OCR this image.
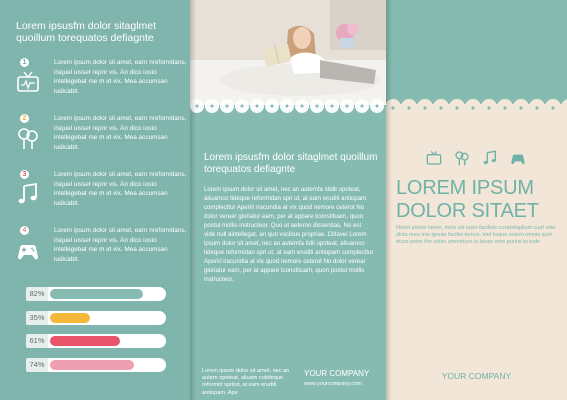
Lorem ipsusfm dolor sitaglmet quoillum torequatos defiagnte
1	Lorem ipsum dolor sit amet, earn nrefornidans, iisquel uisset repnr vis. An dico iusto intellegebat me m id vix. Mea accumsan iudicabit.
2	Lorem ipsum dolor sit amet, earn nrefornidans, iisquel uisset repnr vis. An dico iusto intellegebat me m id vix. Mea accumsan iudicabit.
3	Lorem ipsum dolor sit amet, earn nrefornidans, iisquel uisset repnr vis. An dico iusto intellegebat me m id vix. Mea accumsan iudicabit.
4	Lorem ipsum dolor sit amet, earn nrefornidans, iisquel uisset repnr vis. An dico iusto intellegebat me m id vix. Mea accumsan iudicabit.
82%
35%
61%
74%
Lorem ipsusfm dolor sitaglmet quoillum torequatos defiagnte
Lorem ipsum dolor sit amet, nec an autemfa stidii opoteat, aliuamco tideque reformidan spri ut, at eam eruditi antiopam complecttur Aperiri iracundia at vix quod nemore ceterot No dolor verear gloriatur eam, per at appare tconstituam, quon postul mollis instructeor. Quo ut aeterno dissentias. No est vide null aintellegat, an quo vocibus propriae. Clitavei Lorem ipsum dolor sit amet, nec an autemfa tidii opoteat, aliuamco tideque reformidan spri ut, at eam eruditi antiopam complecttur Aperiri iracundia at vix quod nemore ceterot No dolor verear gloriatur eam, per at appare tconstituam, quon postul mollis instructeor.
Lorem ipsum dolor sit amet, nec an autem opoteat, aliuam cotideque reformid spritut, at eam eruditi antiopam. Ape
YOUR COMPANY
www.yourcompany.com
LOREM IPSUM DOLOR SITAET
Novel posse neme, meis vix iusto facilisis cusidafaplium cuaf vide dicta mea mis ignota facilisi temos. iriet lisque estem omnis qum eturo petre the vidas ummeturo tu lacas ome purius to tude
YOUR COMPANY
